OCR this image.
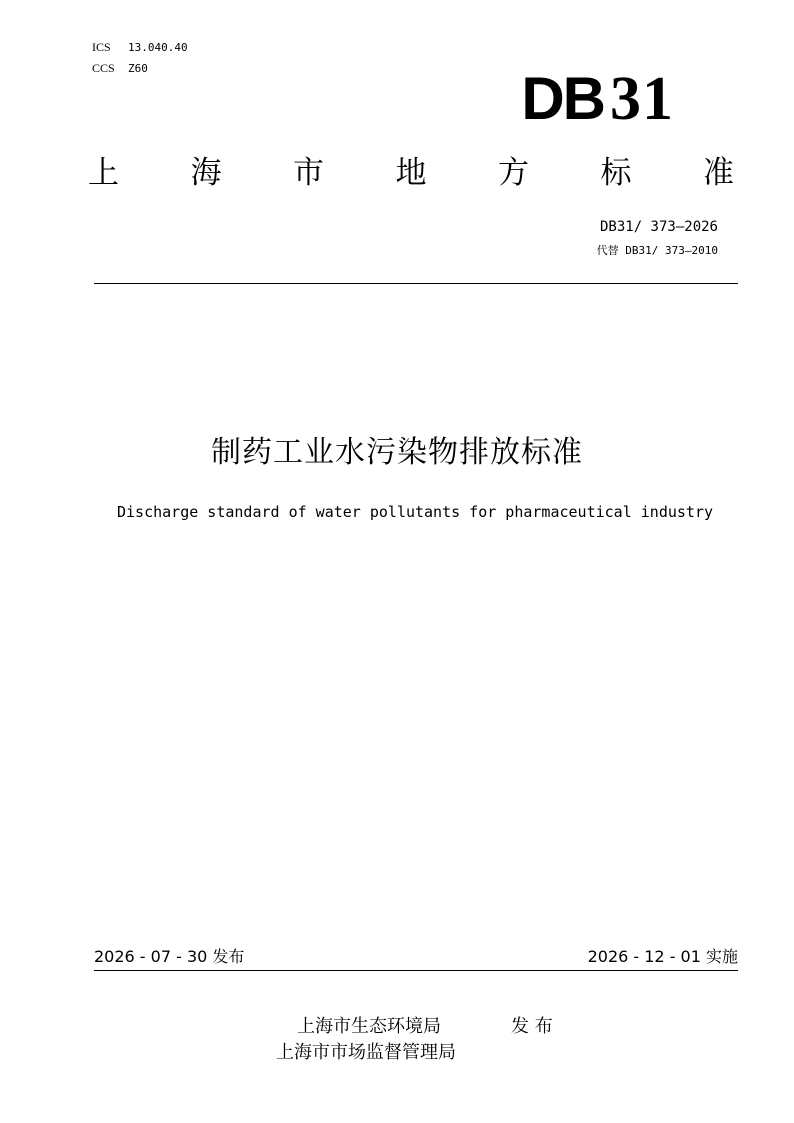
ICS 13.040.40
CCS Z60	DB31
上 海 市 地 方 标 准
DB31/ 373—2026
代替 DB31/ 373—2010
制药工业水污染物排放标准
Discharge standard of water pollutants for pharmaceutical industry
2026 - 07 - 30 发布	2026 - 12 - 01 实施
上海市生态环境局
上海市市场监督管理局
发 布
